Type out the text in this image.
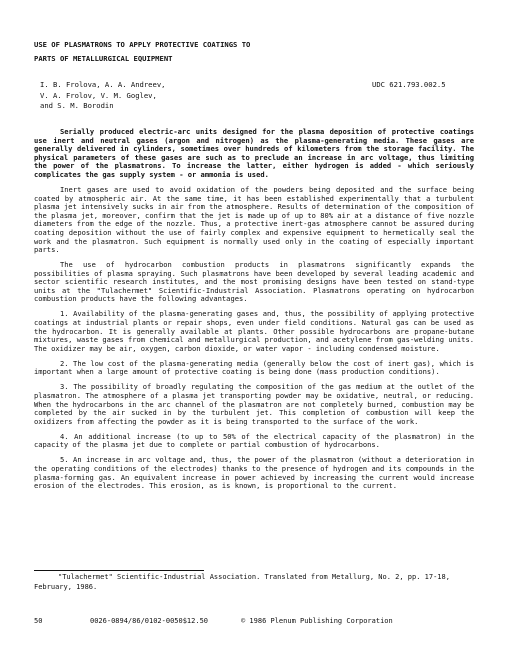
USE OF PLASMATRONS TO APPLY PROTECTIVE COATINGS TO
PARTS OF METALLURGICAL EQUIPMENT
I. B. Frolova, A. A. Andreev,
V. A. Frolov, V. M. Goglev,
and S. M. Borodin
UDC 621.793.002.5

Serially produced electric-arc units designed for the plasma deposition of protective coatings use inert and neutral gases (argon and nitrogen) as the plasma-generating media. These gases are generally delivered in cylinders, sometimes over hundreds of kilometers from the storage facility. The physical parameters of these gases are such as to preclude an increase in arc voltage, thus limiting the power of the plasmatrons. To increase the latter, either hydrogen is added - which seriously complicates the gas supply system - or ammonia is used.

Inert gases are used to avoid oxidation of the powders being deposited and the surface being coated by atmospheric air. At the same time, it has been established experimentally that a turbulent plasma jet intensively sucks in air from the atmosphere. Results of determination of the composition of the plasma jet, moreover, confirm that the jet is made up of up to 80% air at a distance of five nozzle diameters from the edge of the nozzle. Thus, a protective inert-gas atmosphere cannot be assured during coating deposition without the use of fairly complex and expensive equipment to hermetically seal the work and the plasmatron. Such equipment is normally used only in the coating of especially important parts.

The use of hydrocarbon combustion products in plasmatrons significantly expands the possibilities of plasma spraying. Such plasmatrons have been developed by several leading academic and sector scientific research institutes, and the most promising designs have been tested on stand-type units at the "Tulachermet" Scientific-Industrial Association. Plasmatrons operating on hydrocarbon combustion products have the following advantages.

1. Availability of the plasma-generating gases and, thus, the possibility of applying protective coatings at industrial plants or repair shops, even under field conditions. Natural gas can be used as the hydrocarbon. It is generally available at plants. Other possible hydrocarbons are propane-butane mixtures, waste gases from chemical and metallurgical production, and acetylene from gas-welding units. The oxidizer may be air, oxygen, carbon dioxide, or water vapor - including condensed moisture.

2. The low cost of the plasma-generating media (generally below the cost of inert gas), which is important when a large amount of protective coating is being done (mass production conditions).

3. The possibility of broadly regulating the composition of the gas medium at the outlet of the plasmatron. The atmosphere of a plasma jet transporting powder may be oxidative, neutral, or reducing. When the hydrocarbons in the arc channel of the plasmatron are not completely burned, combustion may be completed by the air sucked in by the turbulent jet. This completion of combustion will keep the oxidizers from affecting the powder as it is being transported to the surface of the work.

4. An additional increase (to up to 50% of the electrical capacity of the plasmatron) in the capacity of the plasma jet due to complete or partial combustion of hydrocarbons.

5. An increase in arc voltage and, thus, the power of the plasmatron (without a deterioration in the operating conditions of the electrodes) thanks to the presence of hydrogen and its compounds in the plasma-forming gas. An equivalent increase in power achieved by increasing the current would increase erosion of the electrodes. This erosion, as is known, is proportional to the current.

"Tulachermet" Scientific-Industrial Association. Translated from Metallurg, No. 2, pp. 17-18, February, 1986.
50	0026-0894/86/0102-0050$12.50	© 1986 Plenum Publishing Corporation
